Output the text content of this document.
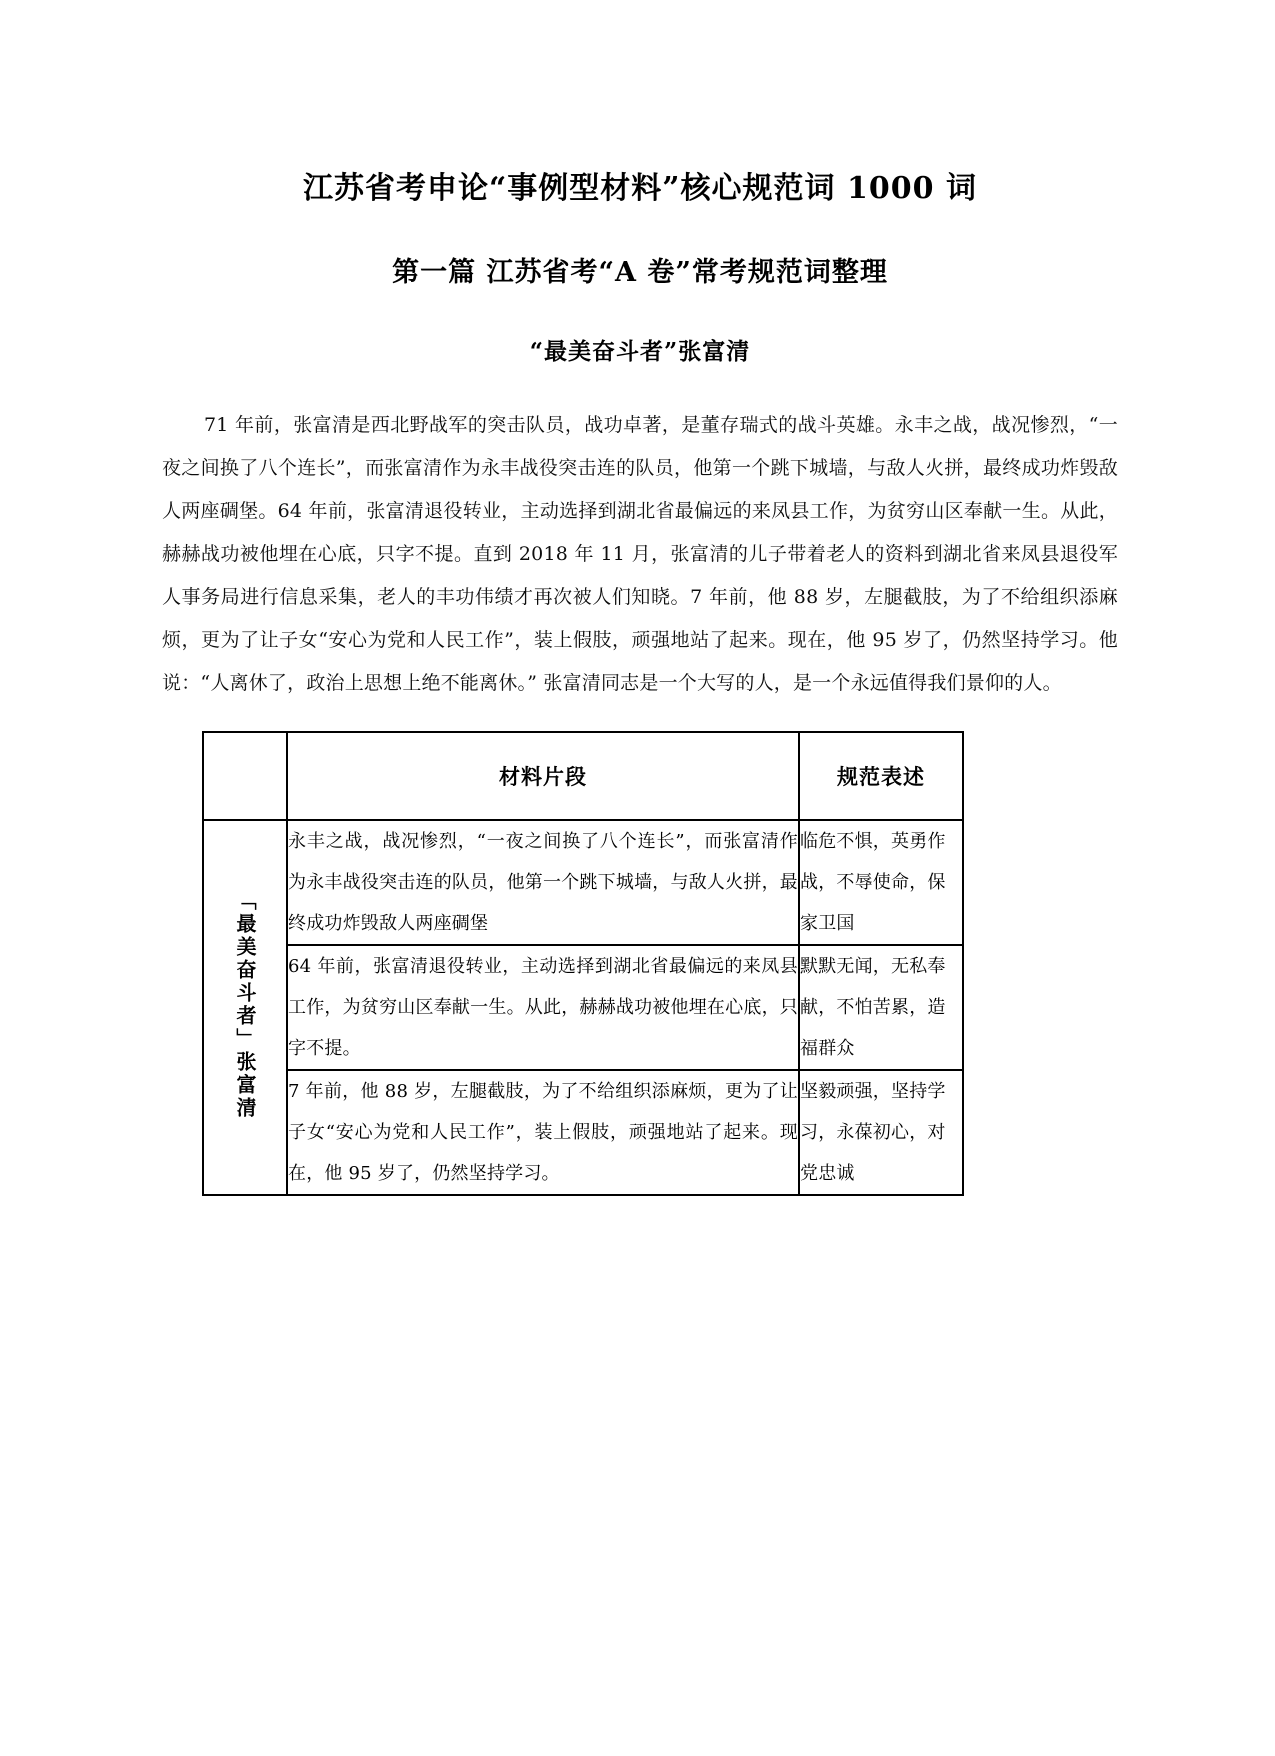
江苏省考申论“事例型材料”核心规范词 1000 词
第一篇 江苏省考“A 卷”常考规范词整理
“最美奋斗者”张富清

71 年前，张富清是西北野战军的突击队员，战功卓著，是董存瑞式的战斗英雄。永丰之战，战况惨烈，“一夜之间换了八个连长”，而张富清作为永丰战役突击连的队员，他第一个跳下城墙，与敌人火拼，最终成功炸毁敌人两座碉堡。64 年前，张富清退役转业，主动选择到湖北省最偏远的来凤县工作，为贫穷山区奉献一生。从此，赫赫战功被他埋在心底，只字不提。直到 2018 年 11 月，张富清的儿子带着老人的资料到湖北省来凤县退役军人事务局进行信息采集，老人的丰功伟绩才再次被人们知晓。7 年前，他 88 岁，左腿截肢，为了不给组织添麻烦，更为了让子女“安心为党和人民工作”，装上假肢，顽强地站了起来。现在，他 95 岁了，仍然坚持学习。他说：“人离休了，政治上思想上绝不能离休。” 张富清同志是一个大写的人，是一个永远值得我们景仰的人。

	材料片段	规范表述
「最美奋斗者」张富清	永丰之战，战况惨烈，“一夜之间换了八个连长”，而张富清作为永丰战役突击连的队员，他第一个跳下城墙，与敌人火拼，最终成功炸毁敌人两座碉堡	临危不惧，英勇作战，不辱使命，保家卫国
	64 年前，张富清退役转业，主动选择到湖北省最偏远的来凤县工作，为贫穷山区奉献一生。从此，赫赫战功被他埋在心底，只字不提。	默默无闻，无私奉献，不怕苦累，造福群众
	7 年前，他 88 岁，左腿截肢，为了不给组织添麻烦，更为了让子女“安心为党和人民工作”，装上假肢，顽强地站了起来。现在，他 95 岁了，仍然坚持学习。	坚毅顽强，坚持学习，永葆初心，对党忠诚
